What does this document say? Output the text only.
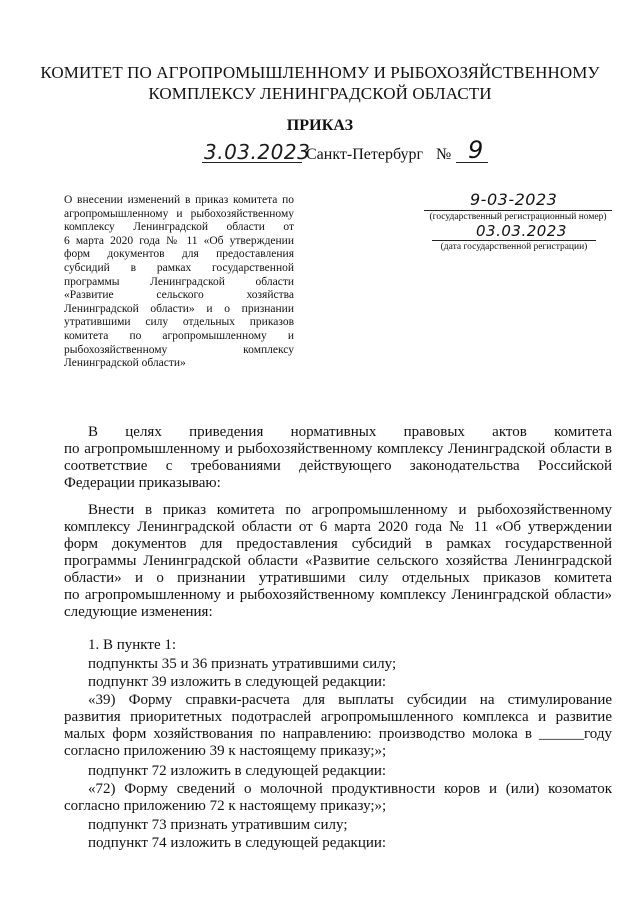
КОМИТЕТ ПО АГРОПРОМЫШЛЕННОМУ И РЫБОХОЗЯЙСТВЕННОМУ
КОМПЛЕКСУ ЛЕНИНГРАДСКОЙ ОБЛАСТИ
ПРИКАЗ
3.03.2023
Санкт-Петербург № 9
О внесении изменений в приказ комитета по
агропромышленному и рыбохозяйственному
комплексу Ленинградской области от
6 марта 2020 года № 11 «Об утверждении
форм документов для предоставления
субсидий в рамках государственной
программы Ленинградской области
«Развитие сельского хозяйства
Ленинградской области» и о признании
утратившими силу отдельных приказов
комитета по агропромышленному и
рыбохозяйственному комплексу
Ленинградской области»
9-03-2023
(государственный регистрационный номер)
03.03.2023
(дата государственной регистрации)
В целях приведения нормативных правовых актов комитета
по агропромышленному и рыбохозяйственному комплексу Ленинградской области в
соответствие с требованиями действующего законодательства Российской
Федерации приказываю:
Внести в приказ комитета по агропромышленному и рыбохозяйственному
комплексу Ленинградской области от 6 марта 2020 года № 11 «Об утверждении
форм документов для предоставления субсидий в рамках государственной
программы Ленинградской области «Развитие сельского хозяйства Ленинградской
области» и о признании утратившими силу отдельных приказов комитета
по агропромышленному и рыбохозяйственному комплексу Ленинградской области»
следующие изменения:
1. В пункте 1:
подпункты 35 и 36 признать утратившими силу;
подпункт 39 изложить в следующей редакции:
«39) Форму справки-расчета для выплаты субсидии на стимулирование
развития приоритетных подотраслей агропромышленного комплекса и развитие
малых форм хозяйствования по направлению: производство молока в ______году
согласно приложению 39 к настоящему приказу;»;
подпункт 72 изложить в следующей редакции:
«72) Форму сведений о молочной продуктивности коров и (или) козоматок
согласно приложению 72 к настоящему приказу;»;
подпункт 73 признать утратившим силу;
подпункт 74 изложить в следующей редакции:
